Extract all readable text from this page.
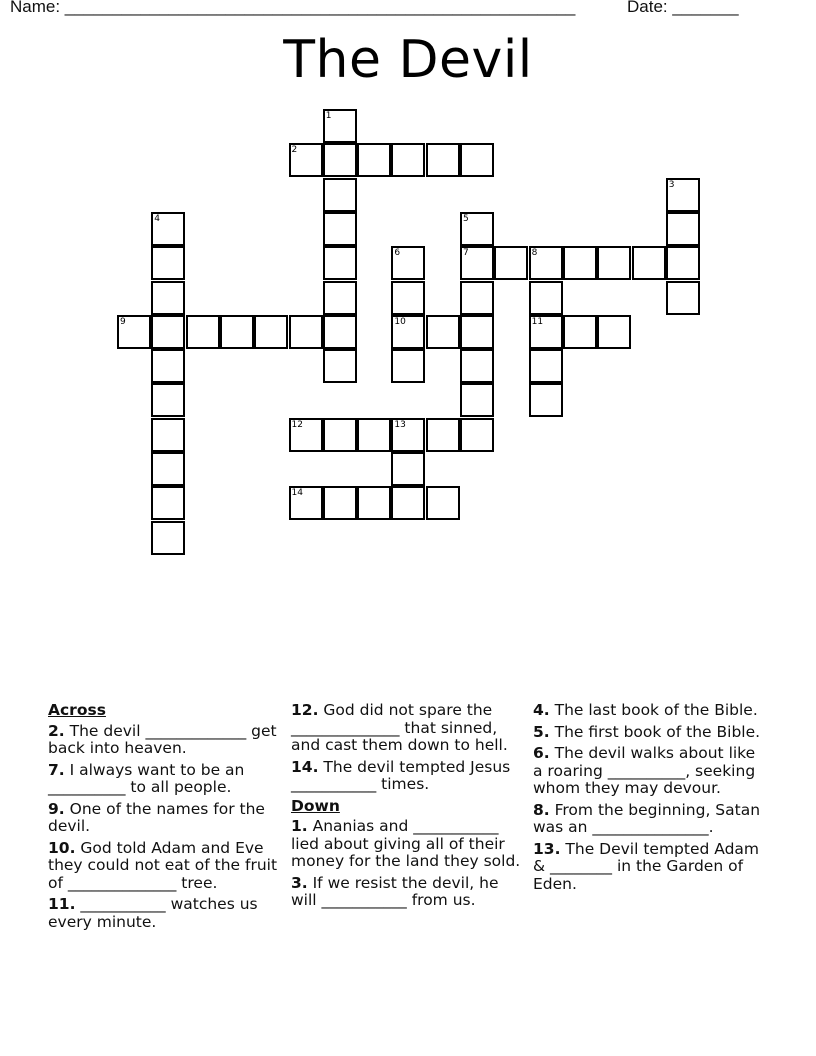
Name: ______________________________________________________	Date: _______
The Devil
1
2
3
4	5
6	7	8
9	10	11
12	13
14
Across
2. The devil _____________ get back into heaven.
7. I always want to be an __________ to all people.
9. One of the names for the devil.
10. God told Adam and Eve they could not eat of the fruit of ______________ tree.
11. ___________ watches us every minute.
12. God did not spare the ______________ that sinned, and cast them down to hell.
14. The devil tempted Jesus ___________ times.
Down
1. Ananias and ___________ lied about giving all of their money for the land they sold.
3. If we resist the devil, he will ___________ from us.
4. The last book of the Bible.
5. The first book of the Bible.
6. The devil walks about like a roaring __________, seeking whom they may devour.
8. From the beginning, Satan was an _______________.
13. The Devil tempted Adam & ________ in the Garden of Eden.
